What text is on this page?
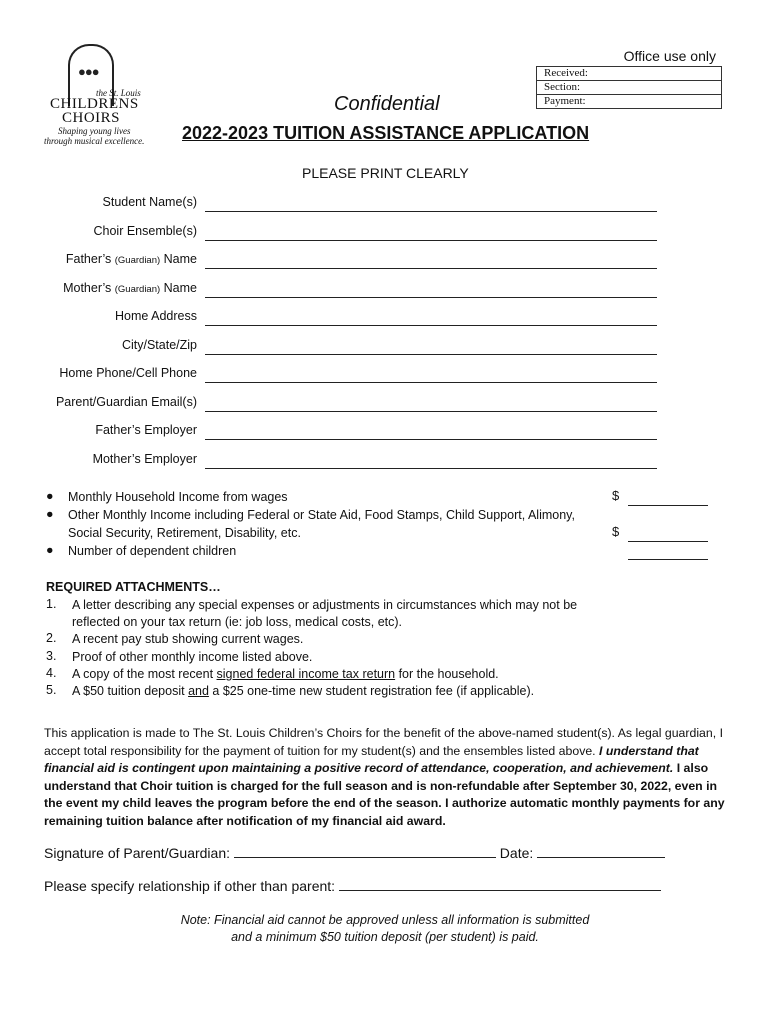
●●●
the St. Louis
CHILDRENS
CHOIRS
Shaping young lives
through musical excellence.
Office use only
Received:
Section:
Payment:
Confidential
2022-2023 TUITION ASSISTANCE APPLICATION
PLEASE PRINT CLEARLY
Student Name(s)
Choir Ensemble(s)
Father’s (Guardian) Name
Mother’s (Guardian) Name
Home Address
City/State/Zip
Home Phone/Cell Phone
Parent/Guardian Email(s)
Father’s Employer
Mother’s Employer
● Monthly Household Income from wages	$
● Other Monthly Income including Federal or State Aid, Food Stamps, Child Support, Alimony,
Social Security, Retirement, Disability, etc.	$
● Number of dependent children
REQUIRED ATTACHMENTS…
1. A letter describing any special expenses or adjustments in circumstances which may not be
reflected on your tax return (ie: job loss, medical costs, etc).
2. A recent pay stub showing current wages.
3. Proof of other monthly income listed above.
4. A copy of the most recent signed federal income tax return for the household.
5. A $50 tuition deposit and a $25 one-time new student registration fee (if applicable).
This application is made to The St. Louis Children’s Choirs for the benefit of the above-named student(s). As legal guardian, I accept total responsibility for the payment of tuition for my student(s) and the ensembles listed above. I understand that financial aid is contingent upon maintaining a positive record of attendance, cooperation, and achievement. I also understand that Choir tuition is charged for the full season and is non-refundable after September 30, 2022, even in the event my child leaves the program before the end of the season. I authorize automatic monthly payments for any remaining tuition balance after notification of my financial aid award.
Signature of Parent/Guardian:	Date:
Please specify relationship if other than parent:
Note: Financial aid cannot be approved unless all information is submitted
and a minimum $50 tuition deposit (per student) is paid.
